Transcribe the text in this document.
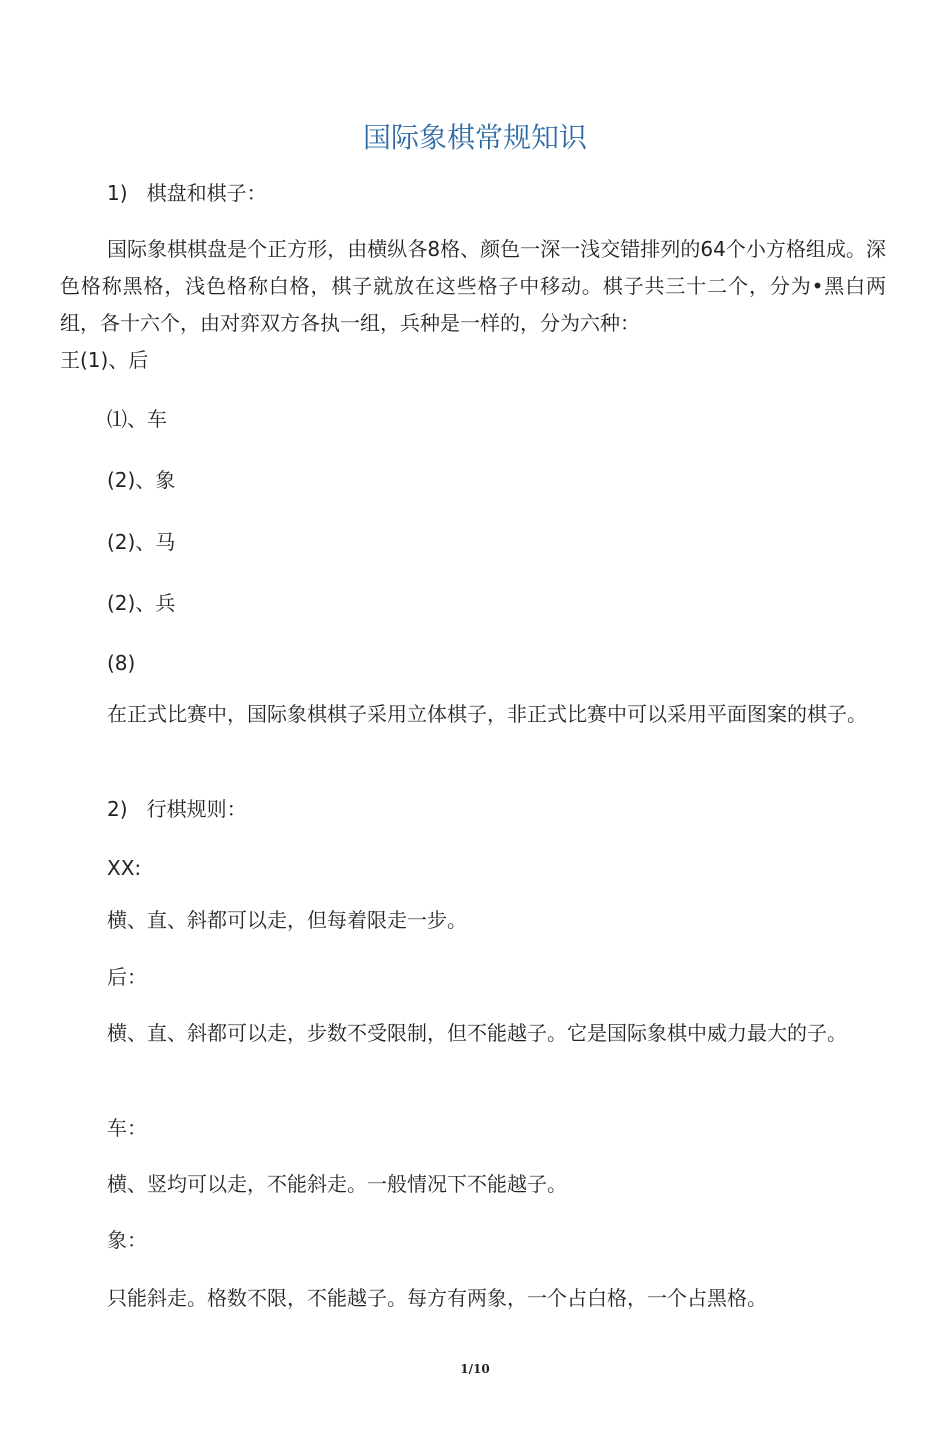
国际象棋常规知识
1)   棋盘和棋子：
国际象棋棋盘是个正方形，由横纵各8格、颜色一深一浅交错排列的64个小方格组成。深色格称黑格，浅色格称白格，棋子就放在这些格子中移动。棋子共三十二个，分为•黑白两组，各十六个，由对弈双方各执一组，兵种是一样的，分为六种：
王(1)、后
⑴、车
(2)、象
(2)、马
(2)、兵
(8)
在正式比赛中，国际象棋棋子采用立体棋子，非正式比赛中可以采用平面图案的棋子。
2)   行棋规则：
XX:
横、直、斜都可以走，但每着限走一步。
后：
横、直、斜都可以走，步数不受限制，但不能越子。它是国际象棋中威力最大的子。
车：
横、竖均可以走，不能斜走。一般情况下不能越子。
象：
只能斜走。格数不限，不能越子。每方有两象，一个占白格，一个占黑格。
1/10
